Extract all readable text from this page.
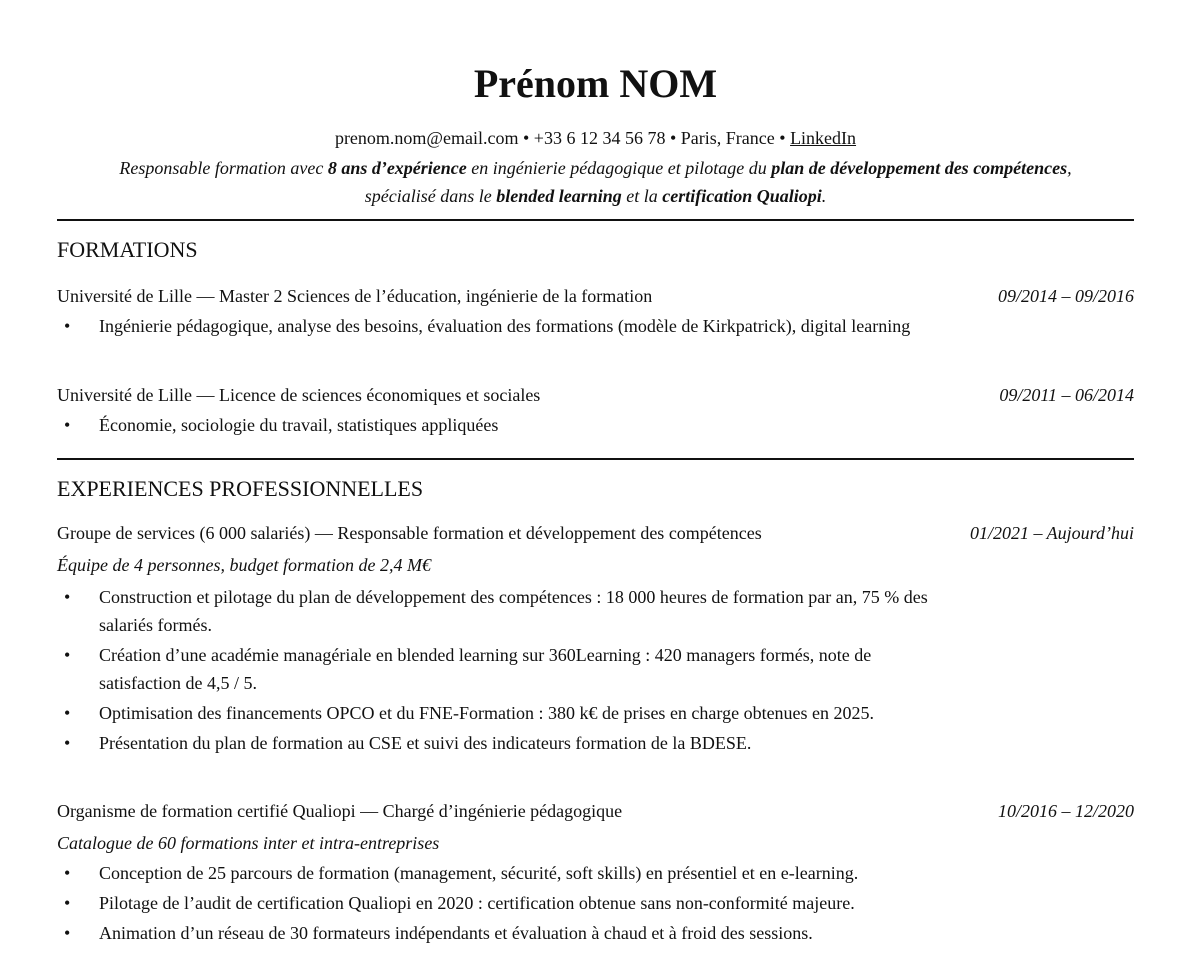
Prénom NOM
prenom.nom@email.com • +33 6 12 34 56 78 • Paris, France • LinkedIn
Responsable formation avec 8 ans d’expérience en ingénierie pédagogique et pilotage du plan de développement des compétences,
spécialisé dans le blended learning et la certification Qualiopi.
FORMATIONS
Université de Lille — Master 2 Sciences de l’éducation, ingénierie de la formation	09/2014 – 09/2016
• Ingénierie pédagogique, analyse des besoins, évaluation des formations (modèle de Kirkpatrick), digital learning
Université de Lille — Licence de sciences économiques et sociales	09/2011 – 06/2014
• Économie, sociologie du travail, statistiques appliquées
EXPERIENCES PROFESSIONNELLES
Groupe de services (6 000 salariés) — Responsable formation et développement des compétences	01/2021 – Aujourd’hui
Équipe de 4 personnes, budget formation de 2,4 M€
• Construction et pilotage du plan de développement des compétences : 18 000 heures de formation par an, 75 % des salariés formés.
• Création d’une académie managériale en blended learning sur 360Learning : 420 managers formés, note de satisfaction de 4,5 / 5.
• Optimisation des financements OPCO et du FNE-Formation : 380 k€ de prises en charge obtenues en 2025.
• Présentation du plan de formation au CSE et suivi des indicateurs formation de la BDESE.
Organisme de formation certifié Qualiopi — Chargé d’ingénierie pédagogique	10/2016 – 12/2020
Catalogue de 60 formations inter et intra-entreprises
• Conception de 25 parcours de formation (management, sécurité, soft skills) en présentiel et en e-learning.
• Pilotage de l’audit de certification Qualiopi en 2020 : certification obtenue sans non-conformité majeure.
• Animation d’un réseau de 30 formateurs indépendants et évaluation à chaud et à froid des sessions.
